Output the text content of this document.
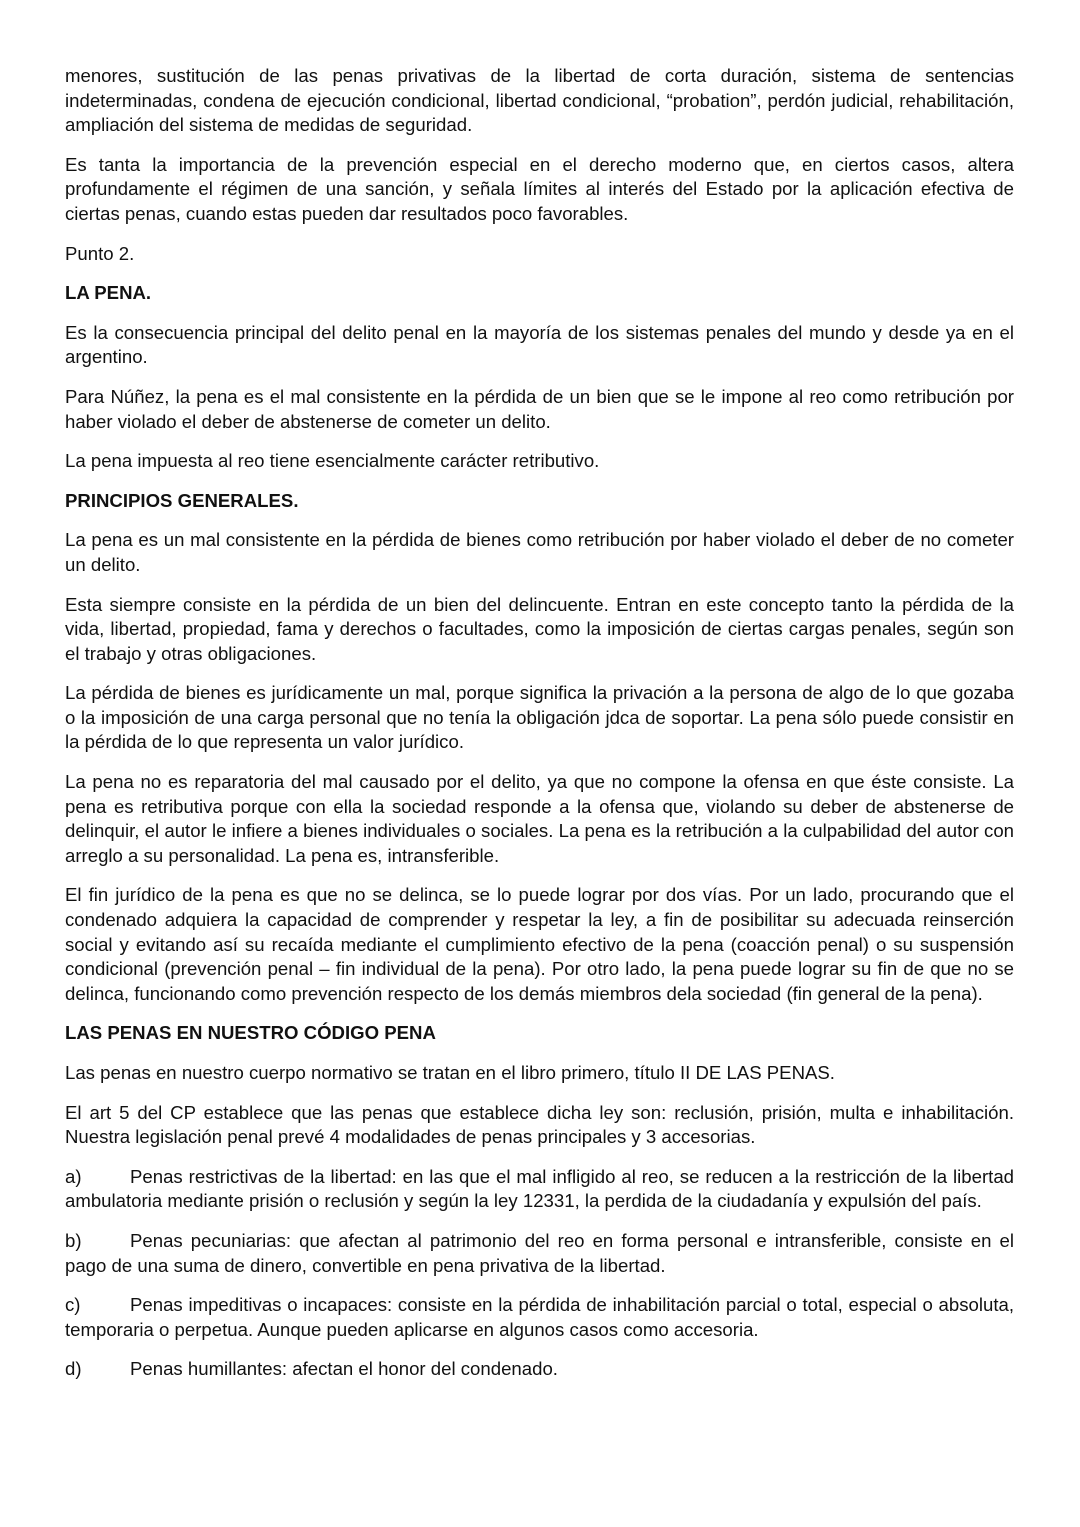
menores, sustitución de las penas privativas de la libertad de corta duración, sistema de sentencias indeterminadas, condena de ejecución condicional, libertad condicional, “probation”, perdón judicial, rehabilitación, ampliación del sistema de medidas de seguridad.

Es tanta la importancia de la prevención especial en el derecho moderno que, en ciertos casos, altera profundamente el régimen de una sanción, y señala límites al interés del Estado por la aplicación efectiva de ciertas penas, cuando estas pueden dar resultados poco favorables.

Punto 2.

LA PENA.

Es la consecuencia principal del delito penal en la mayoría de los sistemas penales del mundo y desde ya en el argentino.

Para Núñez, la pena es el mal consistente en la pérdida de un bien que se le impone al reo como retribución por haber violado el deber de abstenerse de cometer un delito.

La pena impuesta al reo tiene esencialmente carácter retributivo.

PRINCIPIOS GENERALES.

La pena es un mal consistente en la pérdida de bienes como retribución por haber violado el deber de no cometer un delito.

Esta siempre consiste en la pérdida de un bien del delincuente. Entran en este concepto tanto la pérdida de la vida, libertad, propiedad, fama y derechos o facultades, como la imposición de ciertas cargas penales, según son el trabajo y otras obligaciones.

La pérdida de bienes es jurídicamente un mal, porque significa la privación a la persona de algo de lo que gozaba o la imposición de una carga personal que no tenía la obligación jdca de soportar. La pena sólo puede consistir en la pérdida de lo que representa un valor jurídico.

La pena no es reparatoria del mal causado por el delito, ya que no compone la ofensa en que éste consiste. La pena es retributiva porque con ella la sociedad responde a la ofensa que, violando su deber de abstenerse de delinquir, el autor le infiere a bienes individuales o sociales. La pena es la retribución a la culpabilidad del autor con arreglo a su personalidad. La pena es, intransferible.

El fin jurídico de la pena es que no se delinca, se lo puede lograr por dos vías. Por un lado, procurando que el condenado adquiera la capacidad de comprender y respetar la ley, a fin de posibilitar su adecuada reinserción social y evitando así su recaída mediante el cumplimiento efectivo de la pena (coacción penal) o su suspensión condicional (prevención penal – fin individual de la pena). Por otro lado, la pena puede lograr su fin de que no se delinca, funcionando como prevención respecto de los demás miembros dela sociedad (fin general de la pena).

LAS PENAS EN NUESTRO CÓDIGO PENA

Las penas en nuestro cuerpo normativo se tratan en el libro primero, título II DE LAS PENAS.

El art 5 del CP establece que las penas que establece dicha ley son: reclusión, prisión, multa e inhabilitación. Nuestra legislación penal prevé 4 modalidades de penas principales y 3 accesorias.

a)	Penas restrictivas de la libertad: en las que el mal infligido al reo, se reducen a la restricción de la libertad ambulatoria mediante prisión o reclusión y según la ley 12331, la perdida de la ciudadanía y expulsión del país.
b)	Penas pecuniarias: que afectan al patrimonio del reo en forma personal e intransferible, consiste en el pago de una suma de dinero, convertible en pena privativa de la libertad.
c)	Penas impeditivas o incapaces: consiste en la pérdida de inhabilitación parcial o total, especial o absoluta, temporaria o perpetua. Aunque pueden aplicarse en algunos casos como accesoria.
d)	Penas humillantes: afectan el honor del condenado.
